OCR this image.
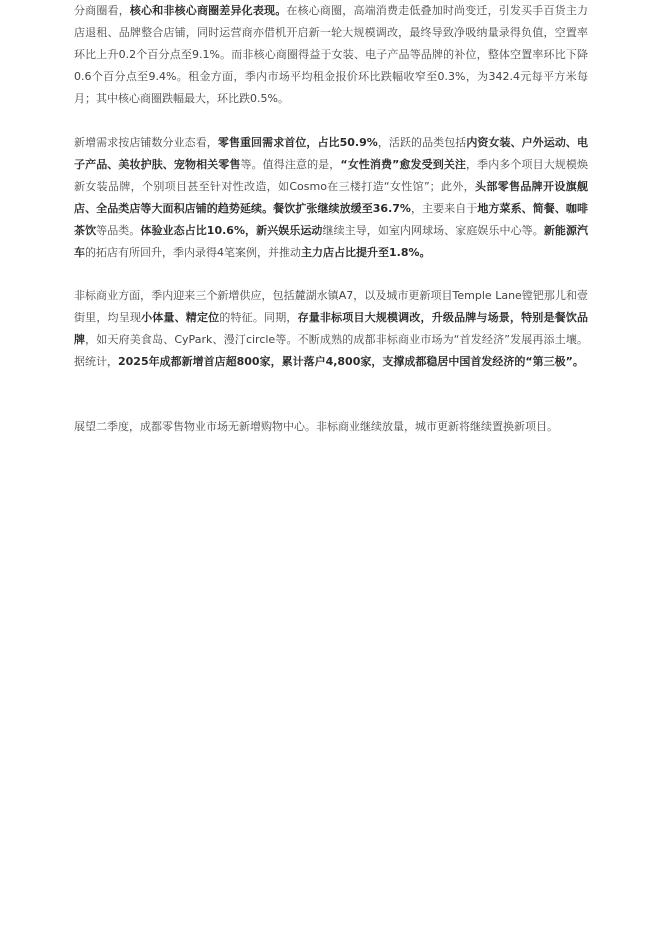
分商圈看，核心和非核心商圈差异化表现。在核心商圈，高端消费走低叠加时尚变迁，引发买手百货主力店退租、品牌整合店铺，同时运营商亦借机开启新一轮大规模调改，最终导致净吸纳量录得负值，空置率环比上升0.2个百分点至9.1%。而非核心商圈得益于女装、电子产品等品牌的补位，整体空置率环比下降0.6个百分点至9.4%。租金方面，季内市场平均租金报价环比跌幅收窄至0.3%，为342.4元每平方米每月；其中核心商圈跌幅最大，环比跌0.5%。

新增需求按店铺数分业态看，零售重回需求首位，占比50.9%，活跃的品类包括内资女装、户外运动、电子产品、美妆护肤、宠物相关零售等。值得注意的是，“女性消费”愈发受到关注，季内多个项目大规模焕新女装品牌，个别项目甚至针对性改造，如Cosmo在三楼打造“女性馆”；此外，头部零售品牌开设旗舰店、全品类店等大面积店铺的趋势延续。餐饮扩张继续放缓至36.7%，主要来自于地方菜系、简餐、咖啡茶饮等品类。体验业态占比10.6%，新兴娱乐运动继续主导，如室内网球场、家庭娱乐中心等。新能源汽车的拓店有所回升，季内录得4笔案例，并推动主力店占比提升至1.8%。

非标商业方面，季内迎来三个新增供应，包括麓湖水镇A7，以及城市更新项目Temple Lane镗钯那儿和壹街里，均呈现小体量、精定位的特征。同期，存量非标项目大规模调改，升级品牌与场景，特别是餐饮品牌，如天府美食岛、CyPark、漫汀circle等。不断成熟的成都非标商业市场为“首发经济”发展再添土壤。据统计，2025年成都新增首店超800家，累计落户4,800家，支撑成都稳居中国首发经济的“第三极”。

展望二季度，成都零售物业市场无新增购物中心。非标商业继续放量，城市更新将继续置换新项目。
